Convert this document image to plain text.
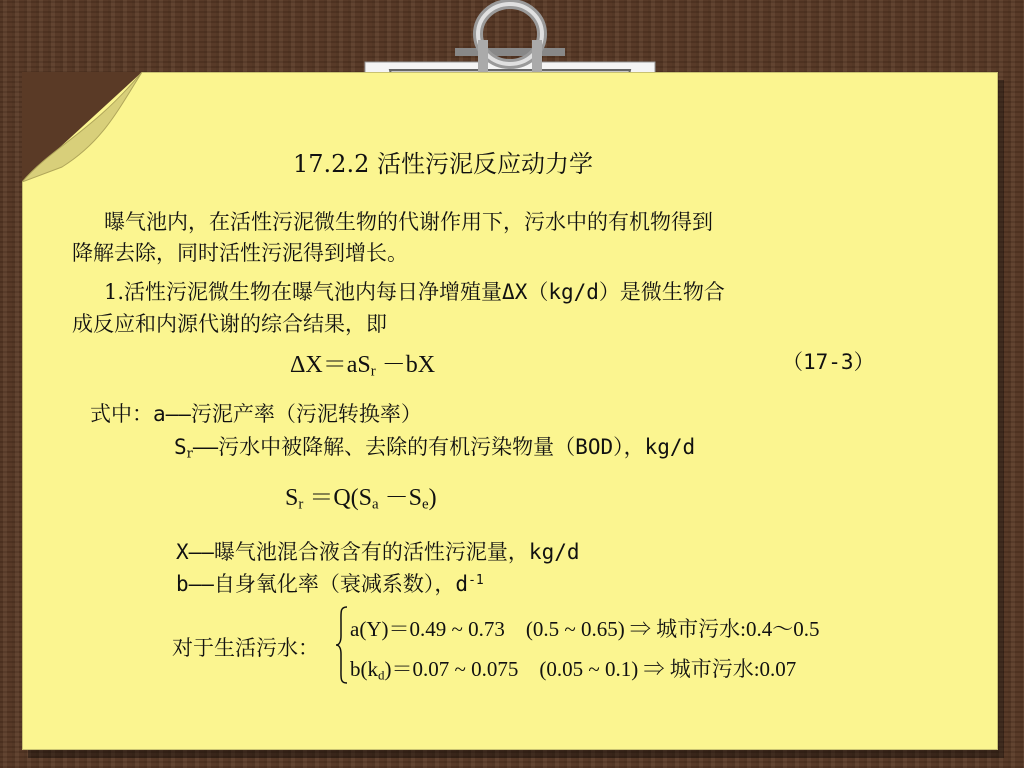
17.2.2 活性污泥反应动力学
曝气池内，在活性污泥微生物的代谢作用下，污水中的有机物得到
降解去除，同时活性污泥得到增长。
1.活性污泥微生物在曝气池内每日净增殖量ΔX（kg/d）是微生物合
成反应和内源代谢的综合结果，即
$\Delta X=aS_r -bX$	（17-3）
式中：a——污泥产率（污泥转换率）
$S_r——$污水中被降解、去除的有机污染物量（BOD），kg/d
$S_r =Q(S_a -S_e)$
X——曝气池混合液含有的活性污泥量，kg/d
b——自身氧化率（衰减系数），$d^{-1}$
对于生活污水：
a(Y)＝0.49 ~ 0.73　(0.5 ~ 0.65) ⇒ 城市污水:0.4～0.5
$b(k_d)=0.07$ ~ 0.075　(0.05 ~ 0.1) ⇒ 城市污水:0.07
